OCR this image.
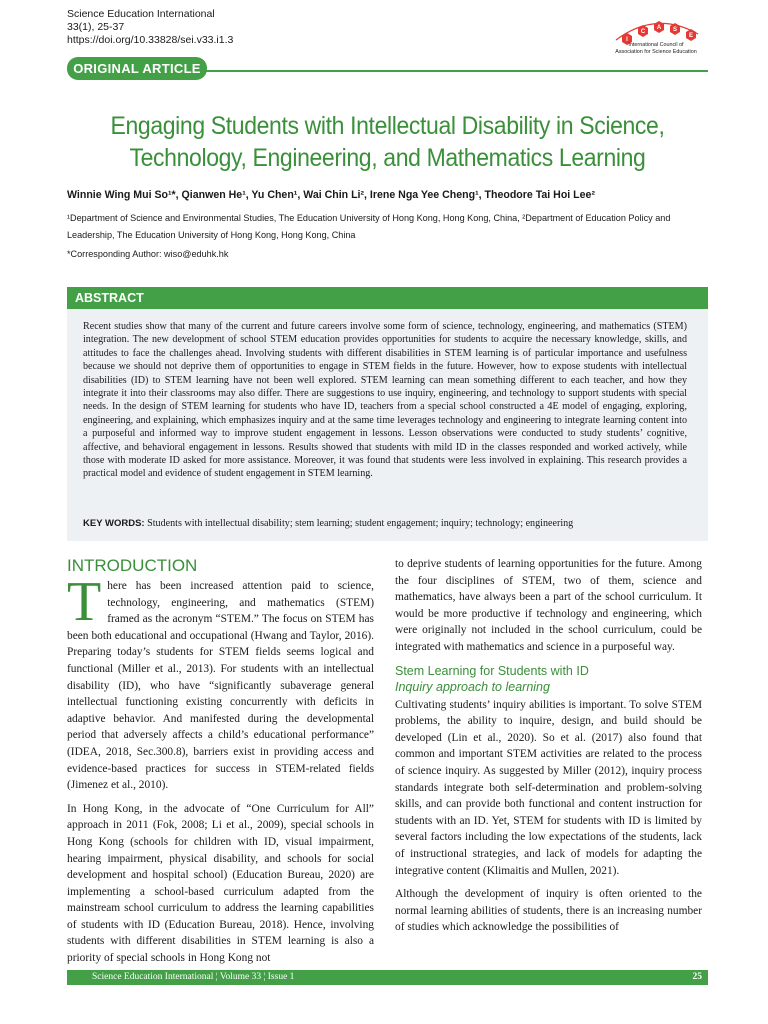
Science Education International
33(1), 25-37
https://doi.org/10.33828/sei.v33.i1.3	I
C
A S
E
International Council of
Association for Science Education
ORIGINAL ARTICLE
Engaging Students with Intellectual Disability in Science, Technology, Engineering, and Mathematics Learning
Winnie Wing Mui So¹*, Qianwen He¹, Yu Chen¹, Wai Chin Li², Irene Nga Yee Cheng¹, Theodore Tai Hoi Lee²
¹Department of Science and Environmental Studies, The Education University of Hong Kong, Hong Kong, China, ²Department of Education Policy and Leadership, The Education University of Hong Kong, Hong Kong, China
*Corresponding Author: wiso@eduhk.hk
ABSTRACT
Recent studies show that many of the current and future careers involve some form of science, technology, engineering, and mathematics (STEM) integration. The new development of school STEM education provides opportunities for students to acquire the necessary knowledge, skills, and attitudes to face the challenges ahead. Involving students with different disabilities in STEM learning is of particular importance and usefulness because we should not deprive them of opportunities to engage in STEM fields in the future. However, how to expose students with intellectual disabilities (ID) to STEM learning have not been well explored. STEM learning can mean something different to each teacher, and how they integrate it into their classrooms may also differ. There are suggestions to use inquiry, engineering, and technology to support students with special needs. In the design of STEM learning for students who have ID, teachers from a special school constructed a 4E model of engaging, exploring, engineering, and explaining, which emphasizes inquiry and at the same time leverages technology and engineering to integrate learning content into a purposeful and informed way to improve student engagement in lessons. Lesson observations were conducted to study students’ cognitive, affective, and behavioral engagement in lessons. Results showed that students with mild ID in the classes responded and worked actively, while those with moderate ID asked for more assistance. Moreover, it was found that students were less involved in explaining. This research provides a practical model and evidence of student engagement in STEM learning.
KEY WORDS: Students with intellectual disability; stem learning; student engagement; inquiry; technology; engineering
INTRODUCTION

There has been increased attention paid to science, technology, engineering, and mathematics (STEM) framed as the acronym “STEM.” The focus on STEM has been both educational and occupational (Hwang and Taylor, 2016). Preparing today’s students for STEM fields seems logical and functional (Miller et al., 2013). For students with an intellectual disability (ID), who have “significantly subaverage general intellectual functioning existing concurrently with deficits in adaptive behavior. And manifested during the developmental period that adversely affects a child’s educational performance” (IDEA, 2018, Sec.300.8), barriers exist in providing access and evidence-based practices for success in STEM-related fields (Jimenez et al., 2010).

In Hong Kong, in the advocate of “One Curriculum for All” approach in 2011 (Fok, 2008; Li et al., 2009), special schools in Hong Kong (schools for children with ID, visual impairment, hearing impairment, physical disability, and schools for social development and hospital school) (Education Bureau, 2020) are implementing a school-based curriculum adapted from the mainstream school curriculum to address the learning capabilities of students with ID (Education Bureau, 2018). Hence, involving students with different disabilities in STEM learning is also a priority of special schools in Hong Kong not

to deprive students of learning opportunities for the future. Among the four disciplines of STEM, two of them, science and mathematics, have always been a part of the school curriculum. It would be more productive if technology and engineering, which were originally not included in the school curriculum, could be integrated with mathematics and science in a purposeful way.

Stem Learning for Students with ID
Inquiry approach to learning

Cultivating students’ inquiry abilities is important. To solve STEM problems, the ability to inquire, design, and build should be developed (Lin et al., 2020). So et al. (2017) also found that common and important STEM activities are related to the process of science inquiry. As suggested by Miller (2012), inquiry process standards integrate both self-determination and problem-solving skills, and can provide both functional and content instruction for students with an ID. Yet, STEM for students with ID is limited by several factors including the low expectations of the students, lack of instructional strategies, and lack of models for adapting the integrative content (Klimaitis and Mullen, 2021).

Although the development of inquiry is often oriented to the normal learning abilities of students, there is an increasing number of studies which acknowledge the possibilities of

Science Education International ¦ Volume 33 ¦ Issue 1	25
